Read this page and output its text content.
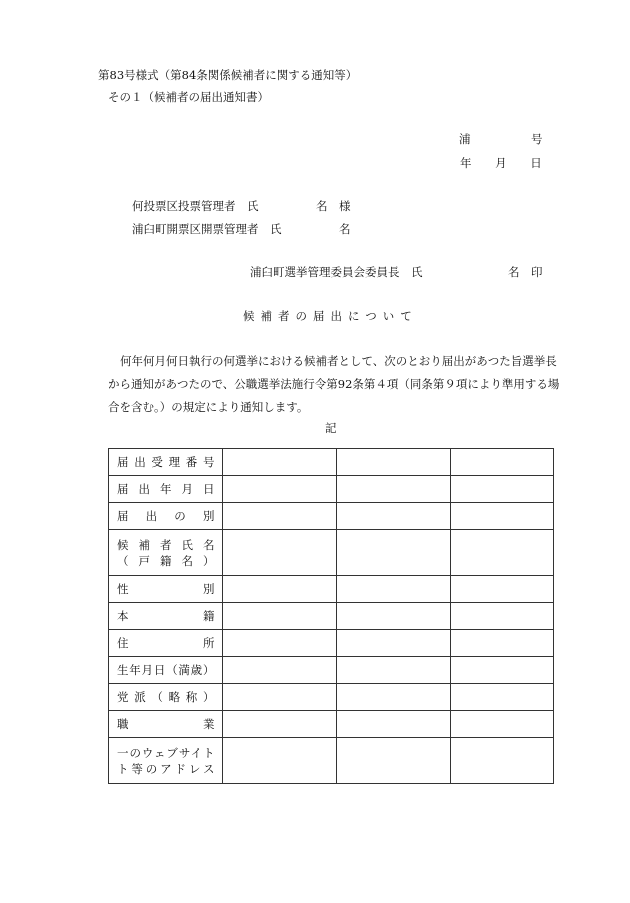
第83号様式（第84条関係候補者に関する通知等）
その１（候補者の届出通知書）
浦	号
年 月 日
何投票区投票管理者　氏　　　　　名　様
浦臼町開票区開票管理者　氏　　　　　名
浦臼町選挙管理委員会委員長　氏	名　印
候補者の届出について
何年何月何日執行の何選挙における候補者として、次のとおり届出があつた旨選挙長
から通知があつたので、公職選挙法施行令第92条第４項（同条第９項により準用する場
合を含む。）の規定により通知します。
記
届出受理番号			

届出年月日			

届出の別			

候補者氏名
（戸籍名）			

性別			

本籍			

住所			

生年月日（満歳）			

党派（略称）			

職業			

一のウェブサイト
ト等のアドレス			
